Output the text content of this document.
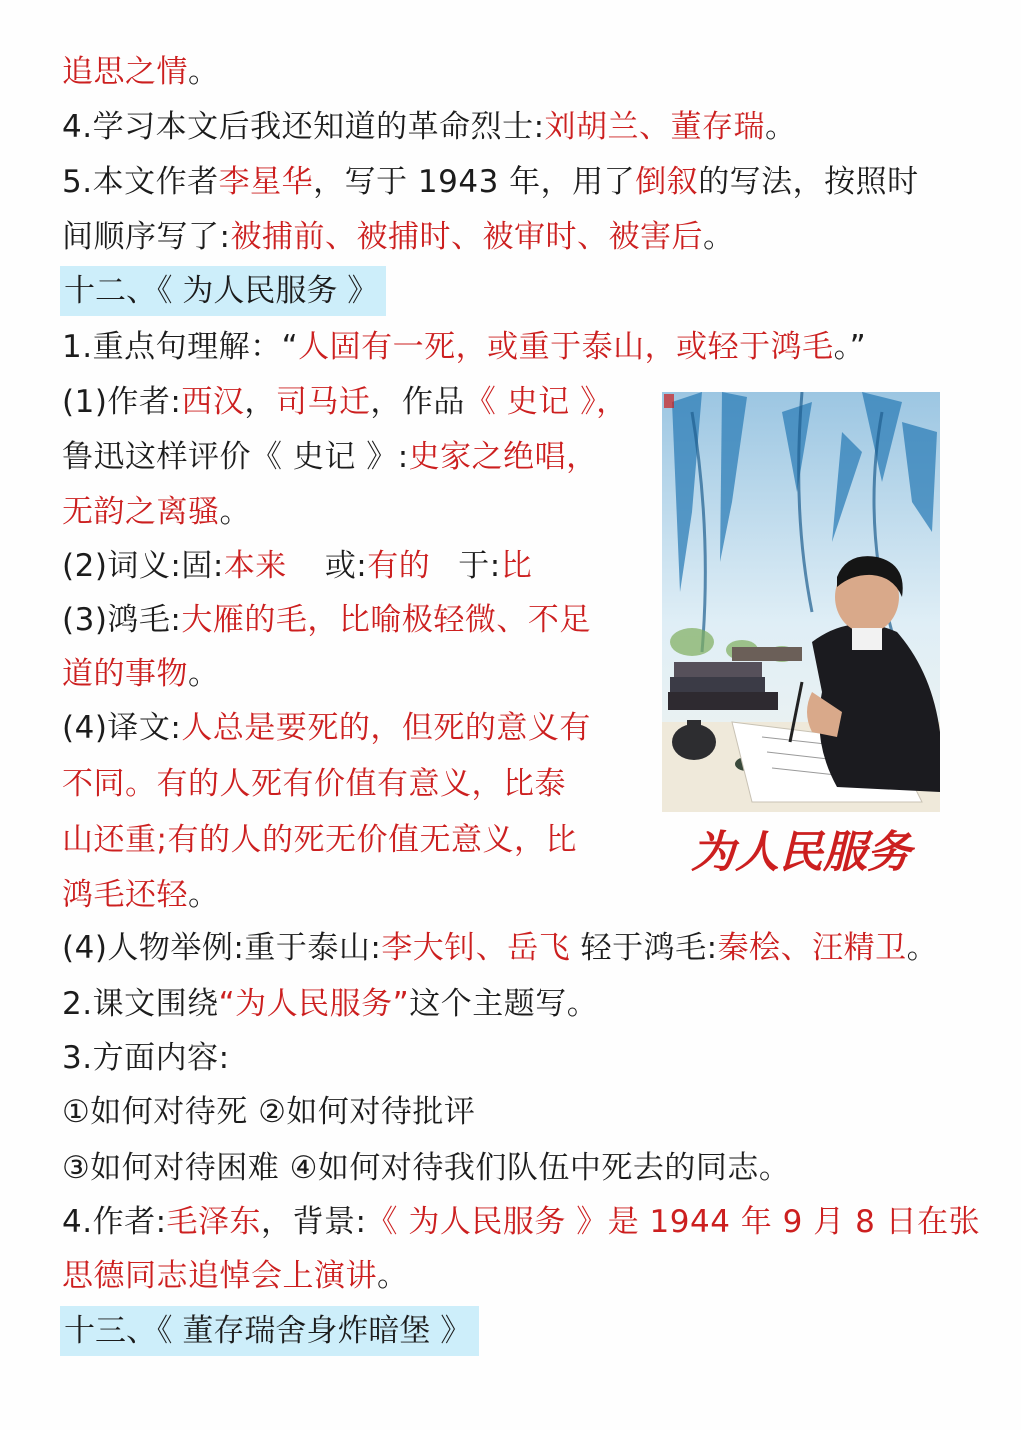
追思之情。
4.学习本文后我还知道的革命烈士:刘胡兰、董存瑞。
5.本文作者李星华，写于 1943 年，用了倒叙的写法，按照时
间顺序写了:被捕前、被捕时、被审时、被害后。
十二、《 为人民服务 》
1.重点句理解：“人固有一死，或重于泰山，或轻于鸿毛。”
(1)作者:西汉，司马迁，作品《 史记 》，
鲁迅这样评价《 史记 》:史家之绝唱，
无韵之离骚。
(2)词义:固:本来 或:有的 于:比
(3)鸿毛:大雁的毛，比喻极轻微、不足
道的事物。
(4)译文:人总是要死的，但死的意义有
不同。有的人死有价值有意义，比泰
山还重;有的人的死无价值无意义，比
鸿毛还轻。
(4)人物举例:重于泰山:李大钊、岳飞 轻于鸿毛:秦桧、汪精卫。
2.课文围绕“为人民服务”这个主题写。
3.方面内容:
①如何对待死 ②如何对待批评
③如何对待困难 ④如何对待我们队伍中死去的同志。
4.作者:毛泽东，背景:《 为人民服务 》是 1944 年 9 月 8 日在张
思德同志追悼会上演讲。
十三、《 董存瑞舍身炸暗堡 》
为人民服务
